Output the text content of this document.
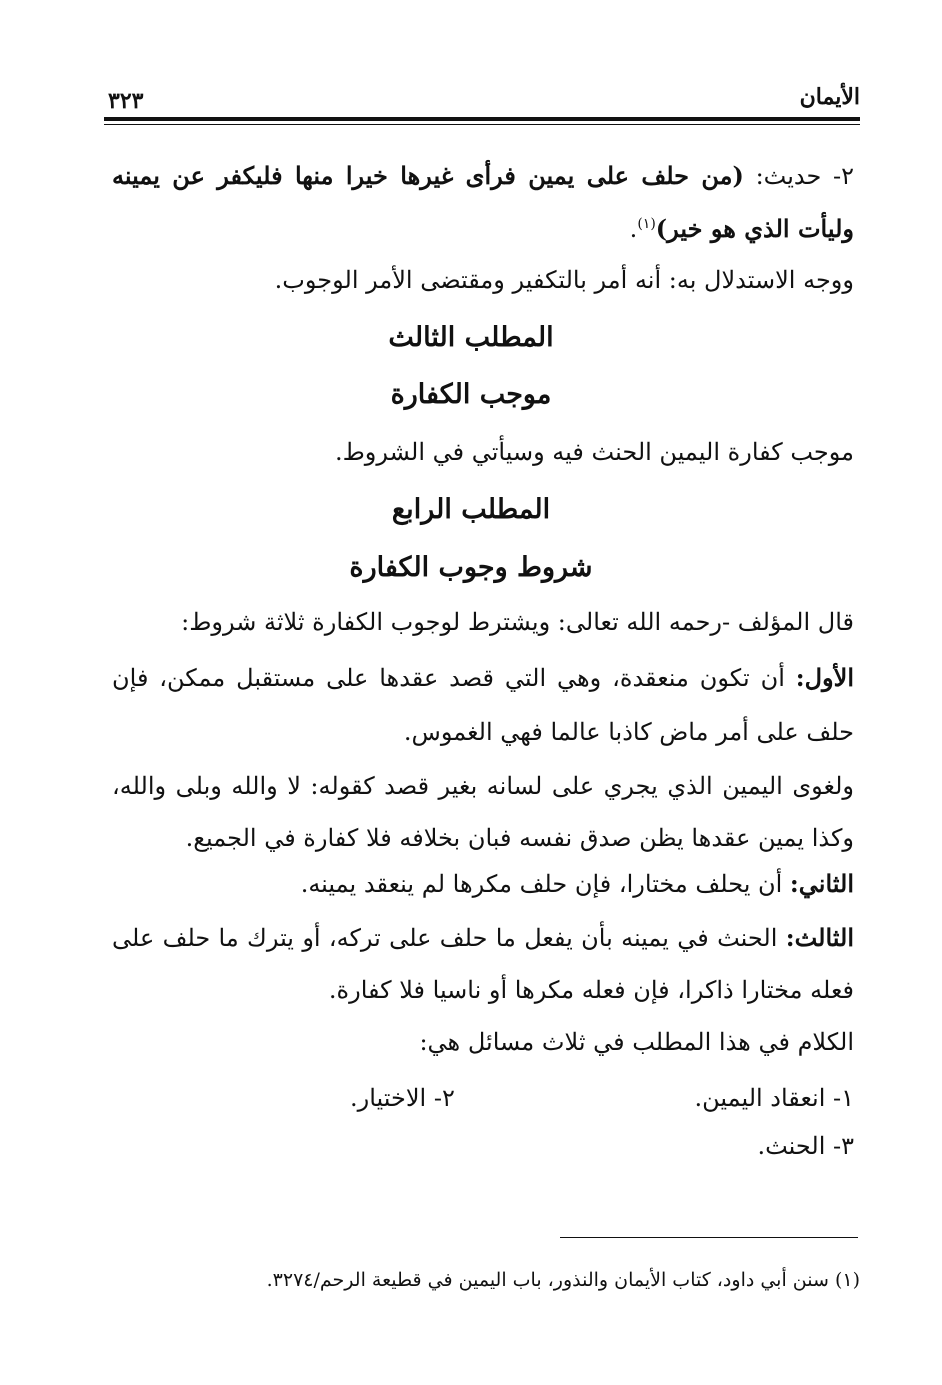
الأيمان
٣٢٣
٢- حديث: (من حلف على يمين فرأى غيرها خيرا منها فليكفر عن يمينه
وليأت الذي هو خير)$^{(١)}$.
ووجه الاستدلال به: أنه أمر بالتكفير ومقتضى الأمر الوجوب.
المطلب الثالث
موجب الكفارة
موجب كفارة اليمين الحنث فيه وسيأتي في الشروط.
المطلب الرابع
شروط وجوب الكفارة
قال المؤلف -رحمه الله تعالى: ويشترط لوجوب الكفارة ثلاثة شروط:
الأول: أن تكون منعقدة، وهي التي قصد عقدها على مستقبل ممكن، فإن
حلف على أمر ماض كاذبا عالما فهي الغموس.
ولغوى اليمين الذي يجري على لسانه بغير قصد كقوله: لا والله وبلى والله،
وكذا يمين عقدها يظن صدق نفسه فبان بخلافه فلا كفارة في الجميع.
الثاني: أن يحلف مختارا، فإن حلف مكرها لم ينعقد يمينه.
الثالث: الحنث في يمينه بأن يفعل ما حلف على تركه، أو يترك ما حلف على
فعله مختارا ذاكرا، فإن فعله مكرها أو ناسيا فلا كفارة.
الكلام في هذا المطلب في ثلاث مسائل هي:
١- انعقاد اليمين.
٢- الاختيار.
٣- الحنث.
(١) سنن أبي داود، كتاب الأيمان والنذور، باب اليمين في قطيعة الرحم/٣٢٧٤.
